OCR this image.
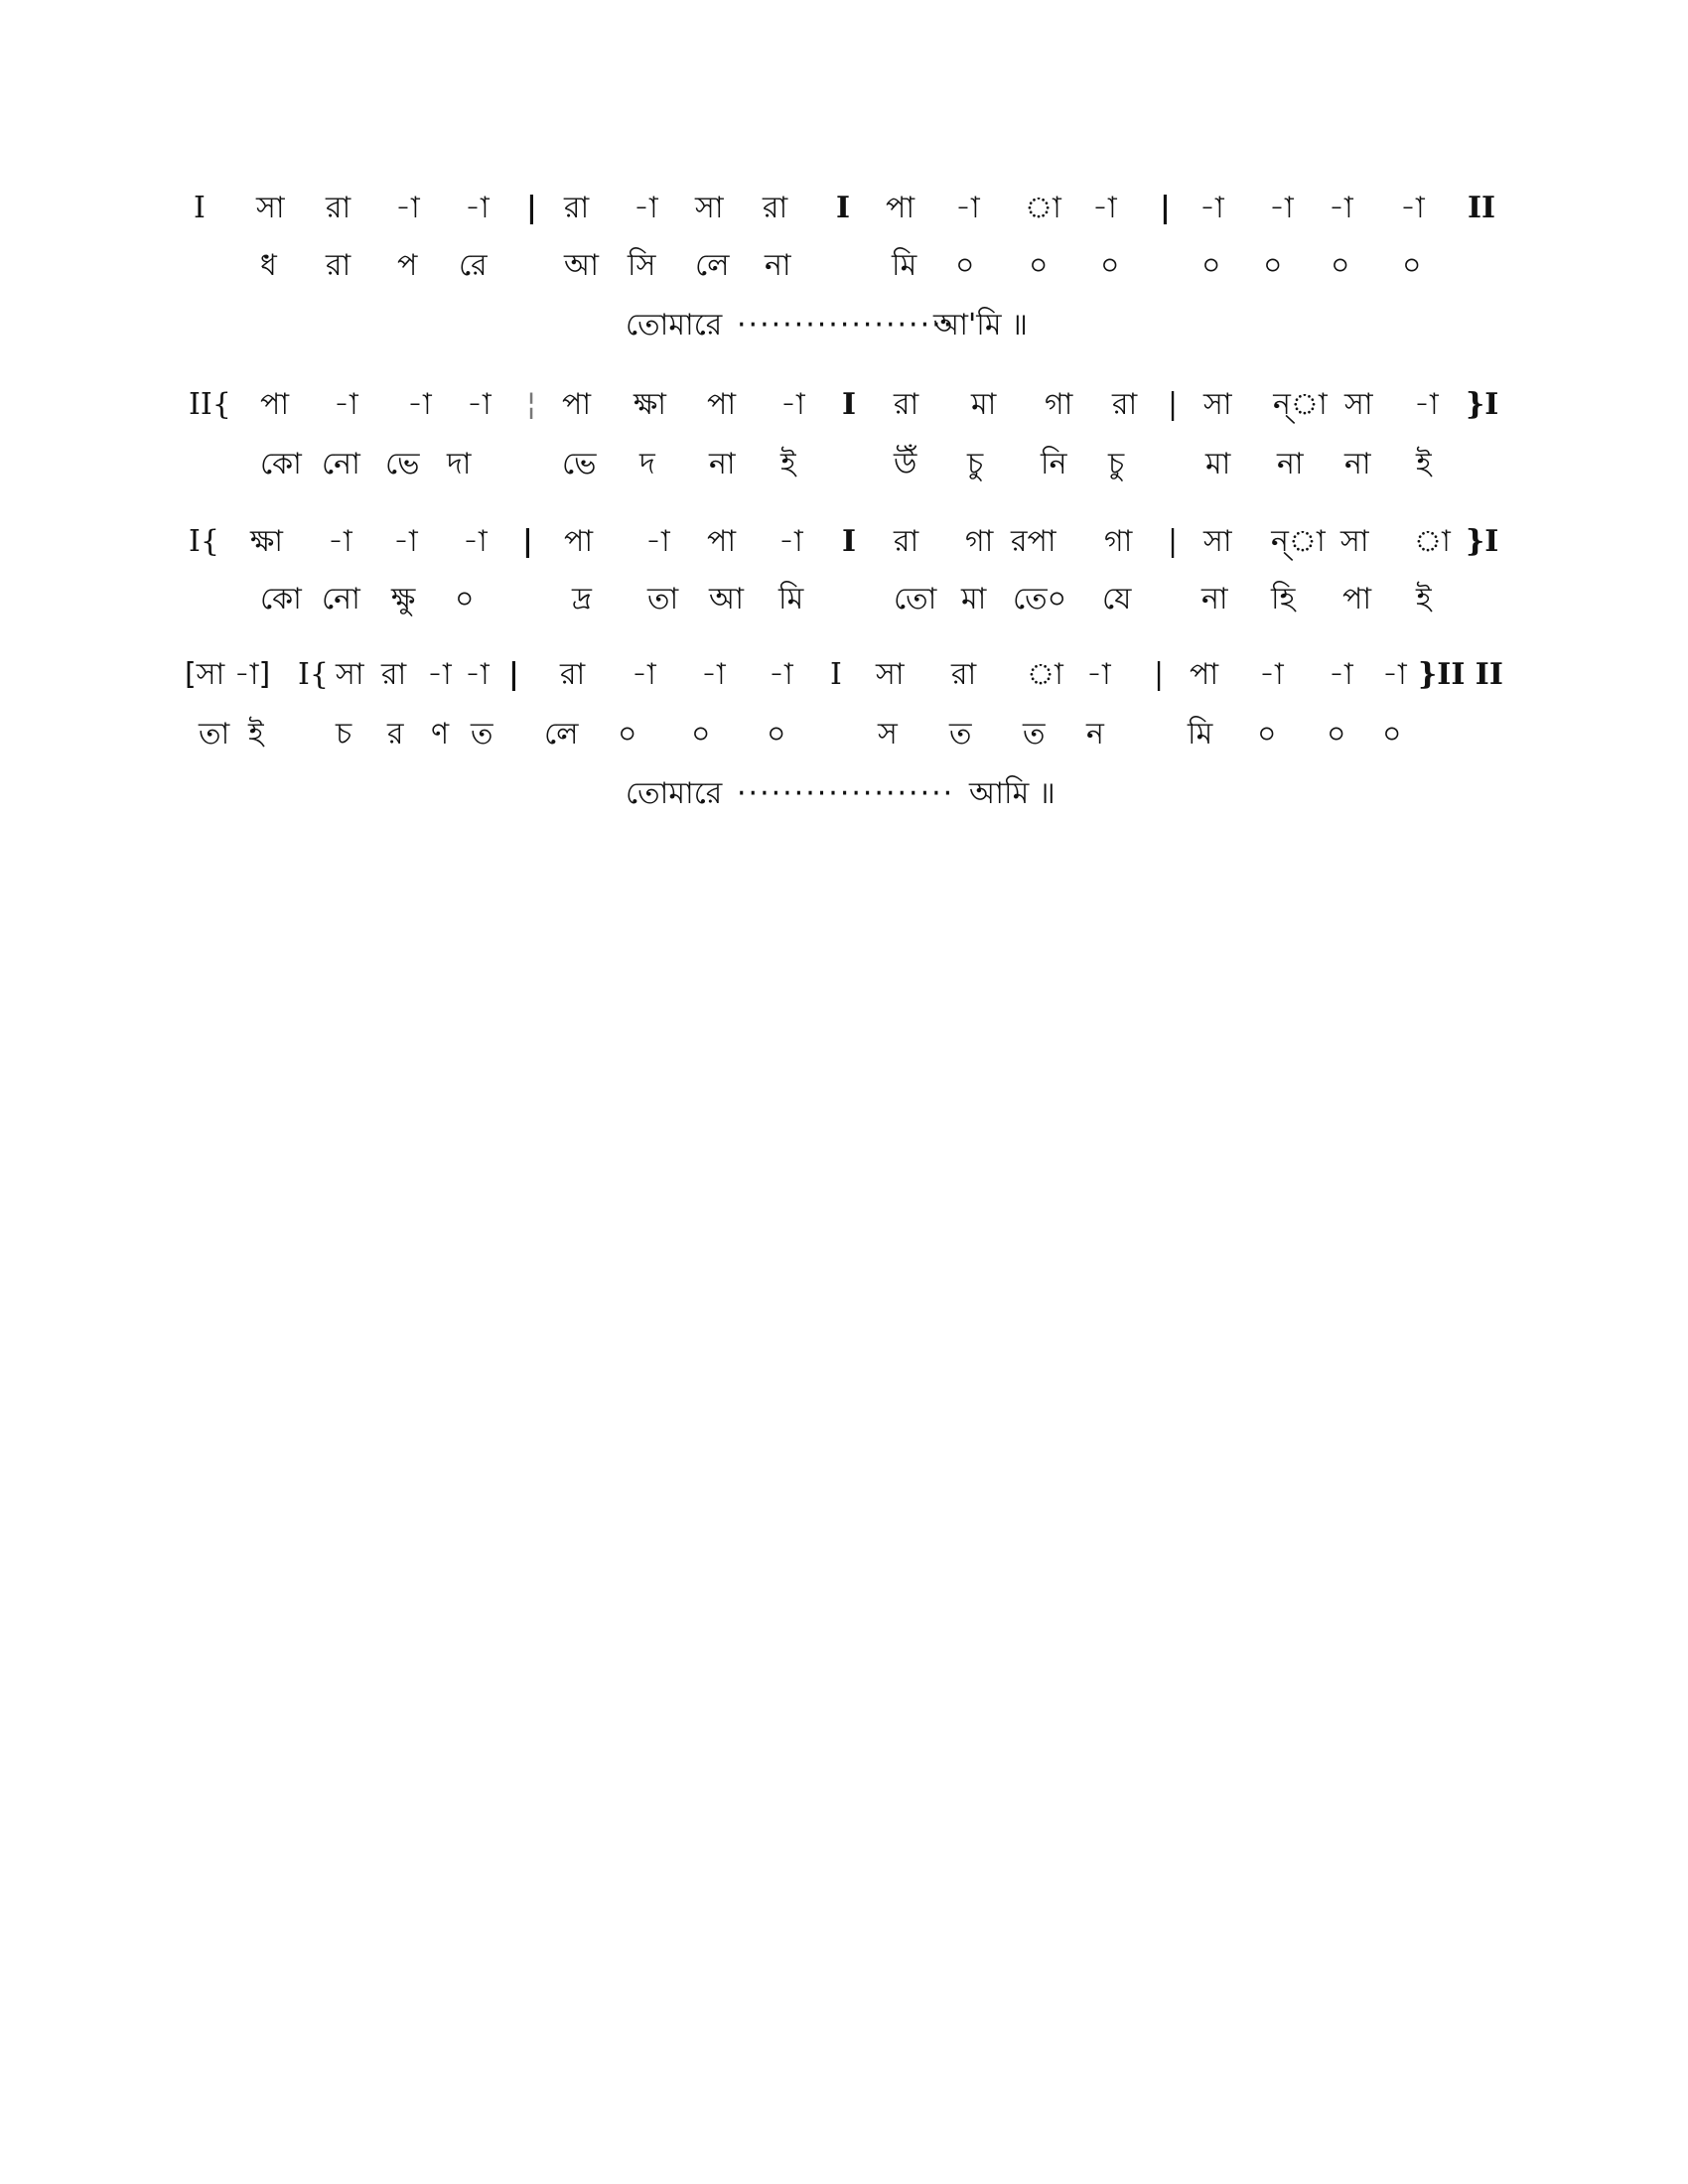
I সা রা -া -া | রা -া সা রা I পা -া া -া | -া -া -া -া II
ধ রা প রে	আ সি লে না	মি ০ ০ ০	০ ০ ০ ০
তোমারে ···················
আ'মি ॥
II{ পা -া -া -া ¦ পা ক্ষা পা -া I রা মা গা রা | সা ন্‌া সা -া }I
কো নো ভে দা	ভে দ না ই	উঁ চু নি চু	মা না না ই
I{ ক্ষা -া -া -া | পা -া পা -া I রা গা রপা গা | সা ন্‌া সা া }I
কো নো ক্ষু ০	দ্র তা আ মি	তো মা তে০ যে না হি পা ই
[সা -া] I{ সা রা -া -া | রা -া -া -া I সা রা া -া | পা -া -া -া }II II
তা ই চ র ণ ত লে ০ ০ ০	স ত ত ন	মি ০ ০ ০
তোমারে ··················· আমি ॥
